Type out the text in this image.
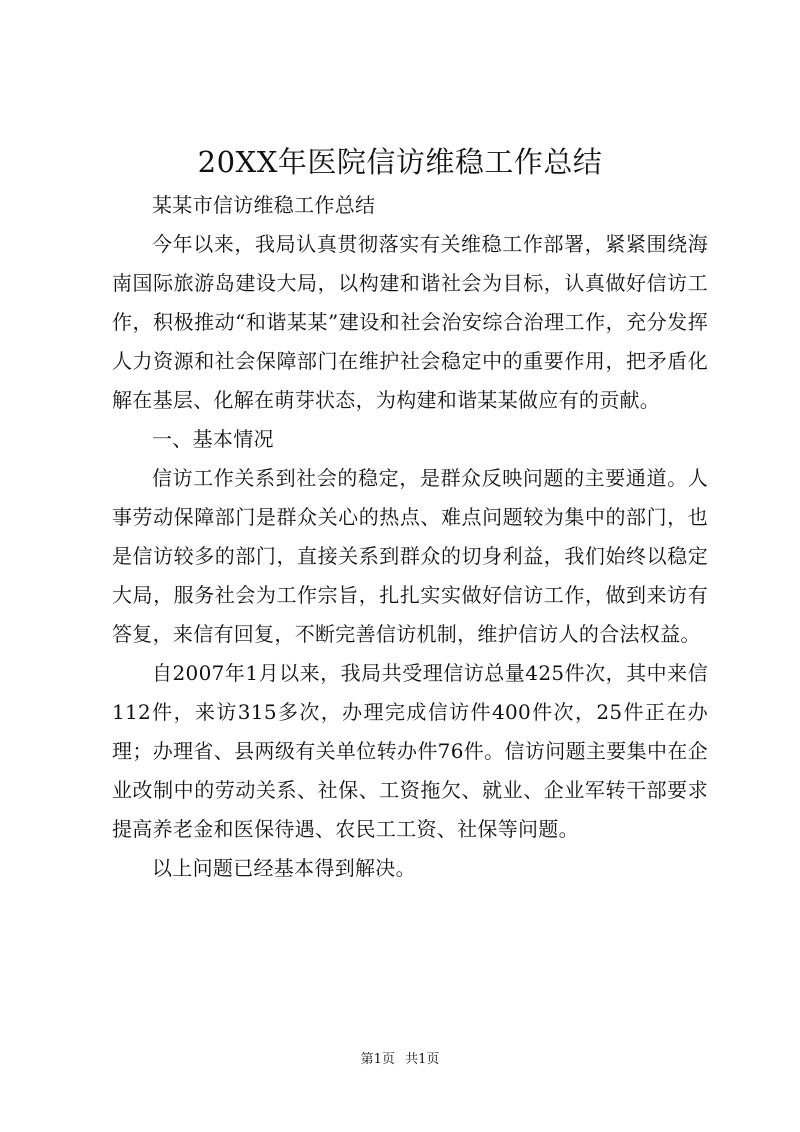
20XX年医院信访维稳工作总结

某某市信访维稳工作总结

今年以来，我局认真贯彻落实有关维稳工作部署，紧紧围绕海南国际旅游岛建设大局，以构建和谐社会为目标，认真做好信访工作，积极推动“和谐某某”建设和社会治安综合治理工作，充分发挥人力资源和社会保障部门在维护社会稳定中的重要作用，把矛盾化解在基层、化解在萌芽状态，为构建和谐某某做应有的贡献。

一、基本情况

信访工作关系到社会的稳定，是群众反映问题的主要通道。人事劳动保障部门是群众关心的热点、难点问题较为集中的部门，也是信访较多的部门，直接关系到群众的切身利益，我们始终以稳定大局，服务社会为工作宗旨，扎扎实实做好信访工作，做到来访有答复，来信有回复，不断完善信访机制，维护信访人的合法权益。

自2007年1月以来，我局共受理信访总量425件次，其中来信112件，来访315多次，办理完成信访件400件次，25件正在办理；办理省、县两级有关单位转办件76件。信访问题主要集中在企业改制中的劳动关系、社保、工资拖欠、就业、企业军转干部要求提高养老金和医保待遇、农民工工资、社保等问题。

以上问题已经基本得到解决。

第1页 共1页
